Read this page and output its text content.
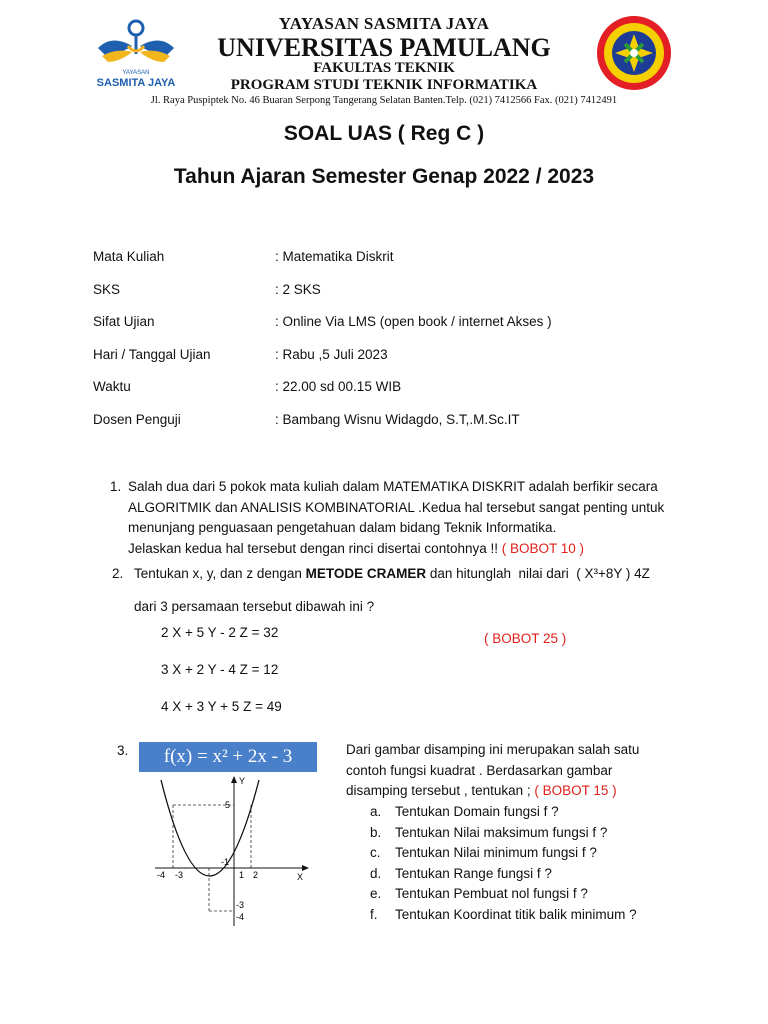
YAYASAN
SASMITA JAYA
YAYASAN SASMITA JAYA
UNIVERSITAS PAMULANG
FAKULTAS TEKNIK
PROGRAM STUDI TEKNIK INFORMATIKA
Jl. Raya Puspiptek No. 46 Buaran Serpong Tangerang Selatan Banten.Telp. (021) 7412566 Fax. (021) 7412491
SOAL UAS ( Reg C )
Tahun Ajaran Semester Genap 2022 / 2023
Mata Kuliah	: Matematika Diskrit
SKS	: 2 SKS
Sifat Ujian	: Online Via LMS (open book / internet Akses )
Hari / Tanggal Ujian	: Rabu ,5 Juli 2023
Waktu	: 22.00 sd 00.15 WIB
Dosen Penguji	: Bambang Wisnu Widagdo, S.T,.M.Sc.IT
1. Salah dua dari 5 pokok mata kuliah dalam MATEMATIKA DISKRIT adalah berfikir secara
ALGORITMIK dan ANALISIS KOMBINATORIAL .Kedua hal tersebut sangat penting untuk
menunjang penguasaan pengetahuan dalam bidang Teknik Informatika.
Jelaskan kedua hal tersebut dengan rinci disertai contohnya !! ( BOBOT 10 )
2. Tentukan x, y, dan z dengan METODE CRAMER dan hitunglah  nilai dari  ( X³+8Y ) 4Z
dari 3 persamaan tersebut dibawah ini ?
2 X + 5 Y - 2 Z = 32
3 X + 2 Y - 4 Z = 12
4 X + 3 Y + 5 Z = 49
( BOBOT 25 )
3.	f(x) = x² + 2x - 3
Y
X
5
-1
-3
-4
-4 -3	1 2
Dari gambar disamping ini merupakan salah satu
contoh fungsi kuadrat . Berdasarkan gambar
disamping tersebut , tentukan ; ( BOBOT 15 )
a. Tentukan Domain fungsi f ?
b. Tentukan Nilai maksimum fungsi f ?
c. Tentukan Nilai minimum fungsi f ?
d. Tentukan Range fungsi f ?
e. Tentukan Pembuat nol fungsi f ?
f. Tentukan Koordinat titik balik minimum ?
